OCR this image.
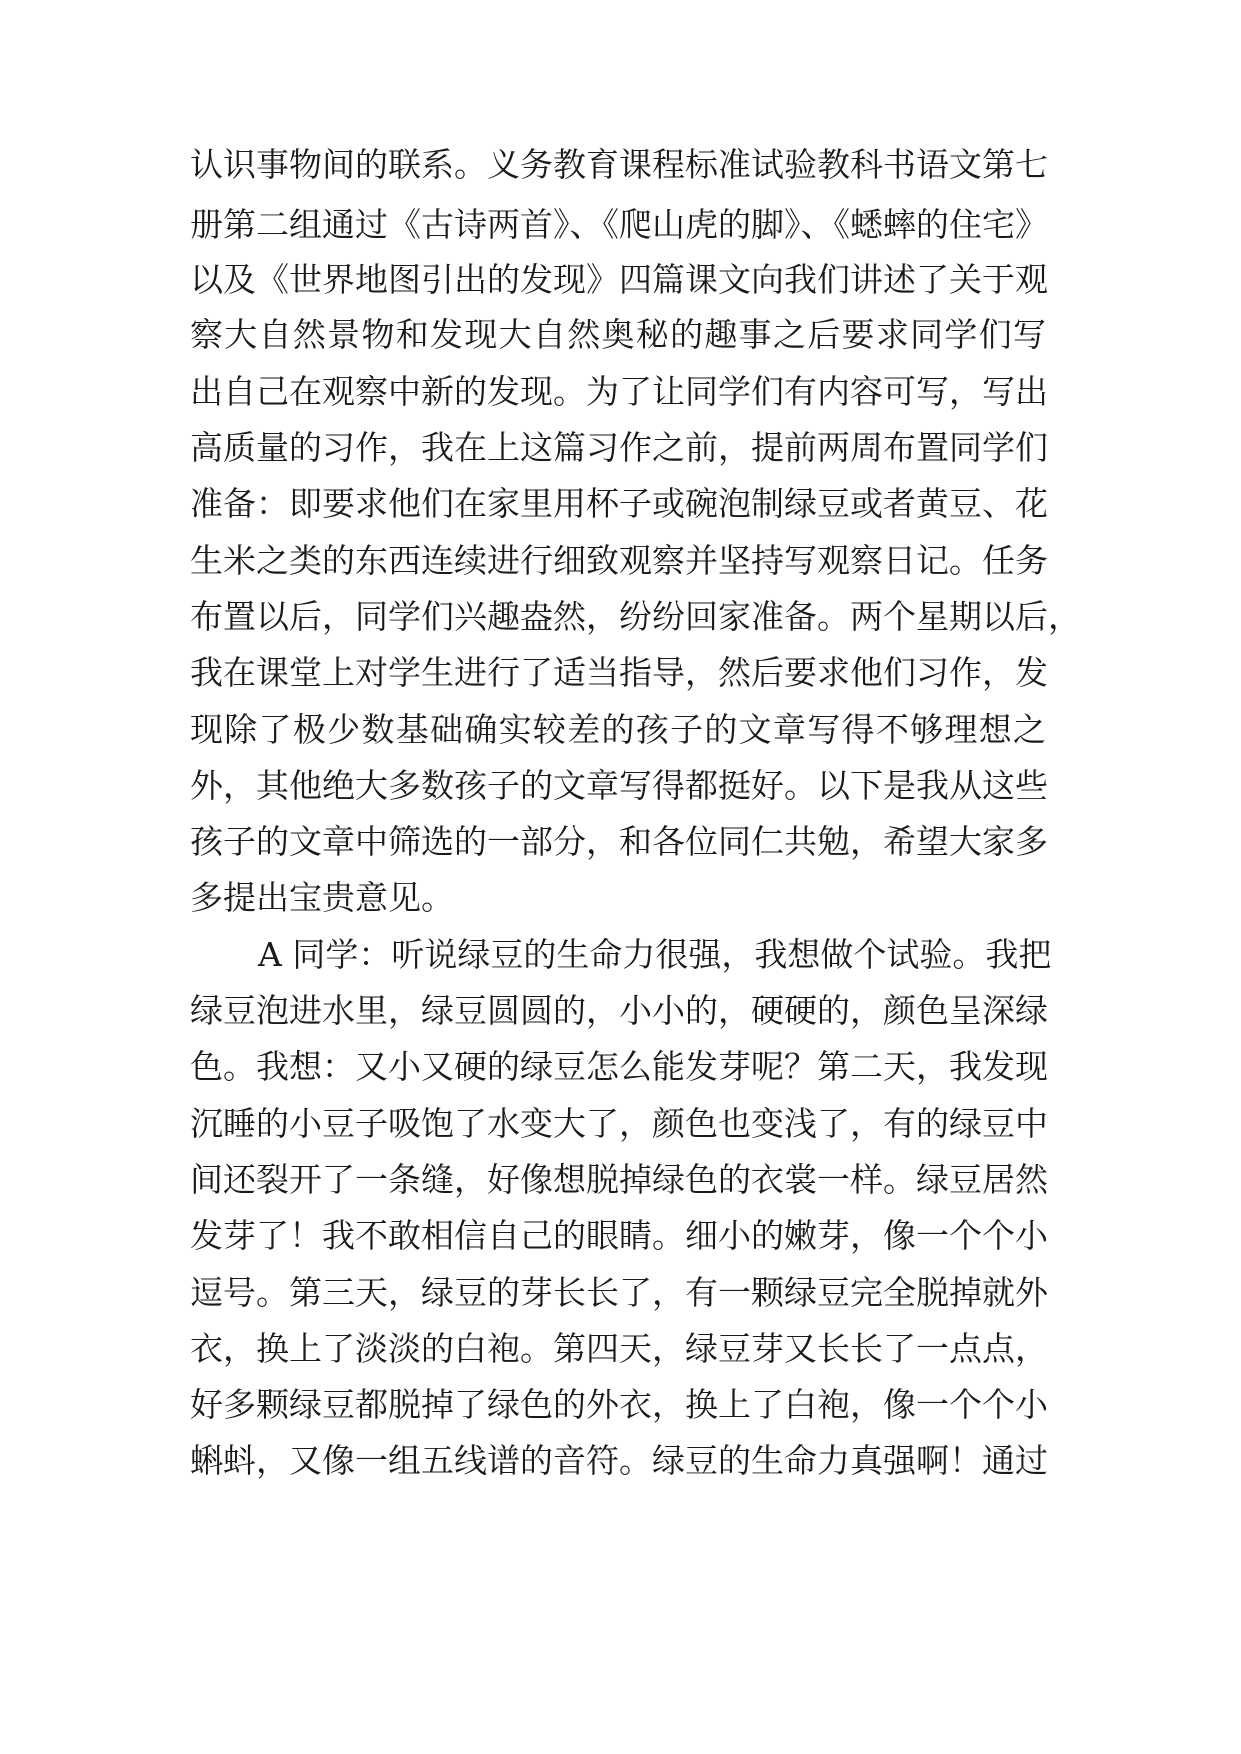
认识事物间的联系。义务教育课程标准试验教科书语文第七
册第二组通过《古诗两首》、《爬山虎的脚》、《蟋蟀的住宅》
以及《世界地图引出的发现》四篇课文向我们讲述了关于观
察大自然景物和发现大自然奥秘的趣事之后要求同学们写
出自己在观察中新的发现。为了让同学们有内容可写，写出
高质量的习作，我在上这篇习作之前，提前两周布置同学们
准备：即要求他们在家里用杯子或碗泡制绿豆或者黄豆、花
生米之类的东西连续进行细致观察并坚持写观察日记。任务
布置以后，同学们兴趣盎然，纷纷回家准备。两个星期以后，
我在课堂上对学生进行了适当指导，然后要求他们习作，发
现除了极少数基础确实较差的孩子的文章写得不够理想之
外，其他绝大多数孩子的文章写得都挺好。以下是我从这些
孩子的文章中筛选的一部分，和各位同仁共勉，希望大家多
多提出宝贵意见。
A 同学：听说绿豆的生命力很强，我想做个试验。我把
绿豆泡进水里，绿豆圆圆的，小小的，硬硬的，颜色呈深绿
色。我想：又小又硬的绿豆怎么能发芽呢？第二天，我发现
沉睡的小豆子吸饱了水变大了，颜色也变浅了，有的绿豆中
间还裂开了一条缝，好像想脱掉绿色的衣裳一样。绿豆居然
发芽了！我不敢相信自己的眼睛。细小的嫩芽，像一个个小
逗号。第三天，绿豆的芽长长了，有一颗绿豆完全脱掉就外
衣，换上了淡淡的白袍。第四天，绿豆芽又长长了一点点，
好多颗绿豆都脱掉了绿色的外衣，换上了白袍，像一个个小
蝌蚪，又像一组五线谱的音符。绿豆的生命力真强啊！通过
